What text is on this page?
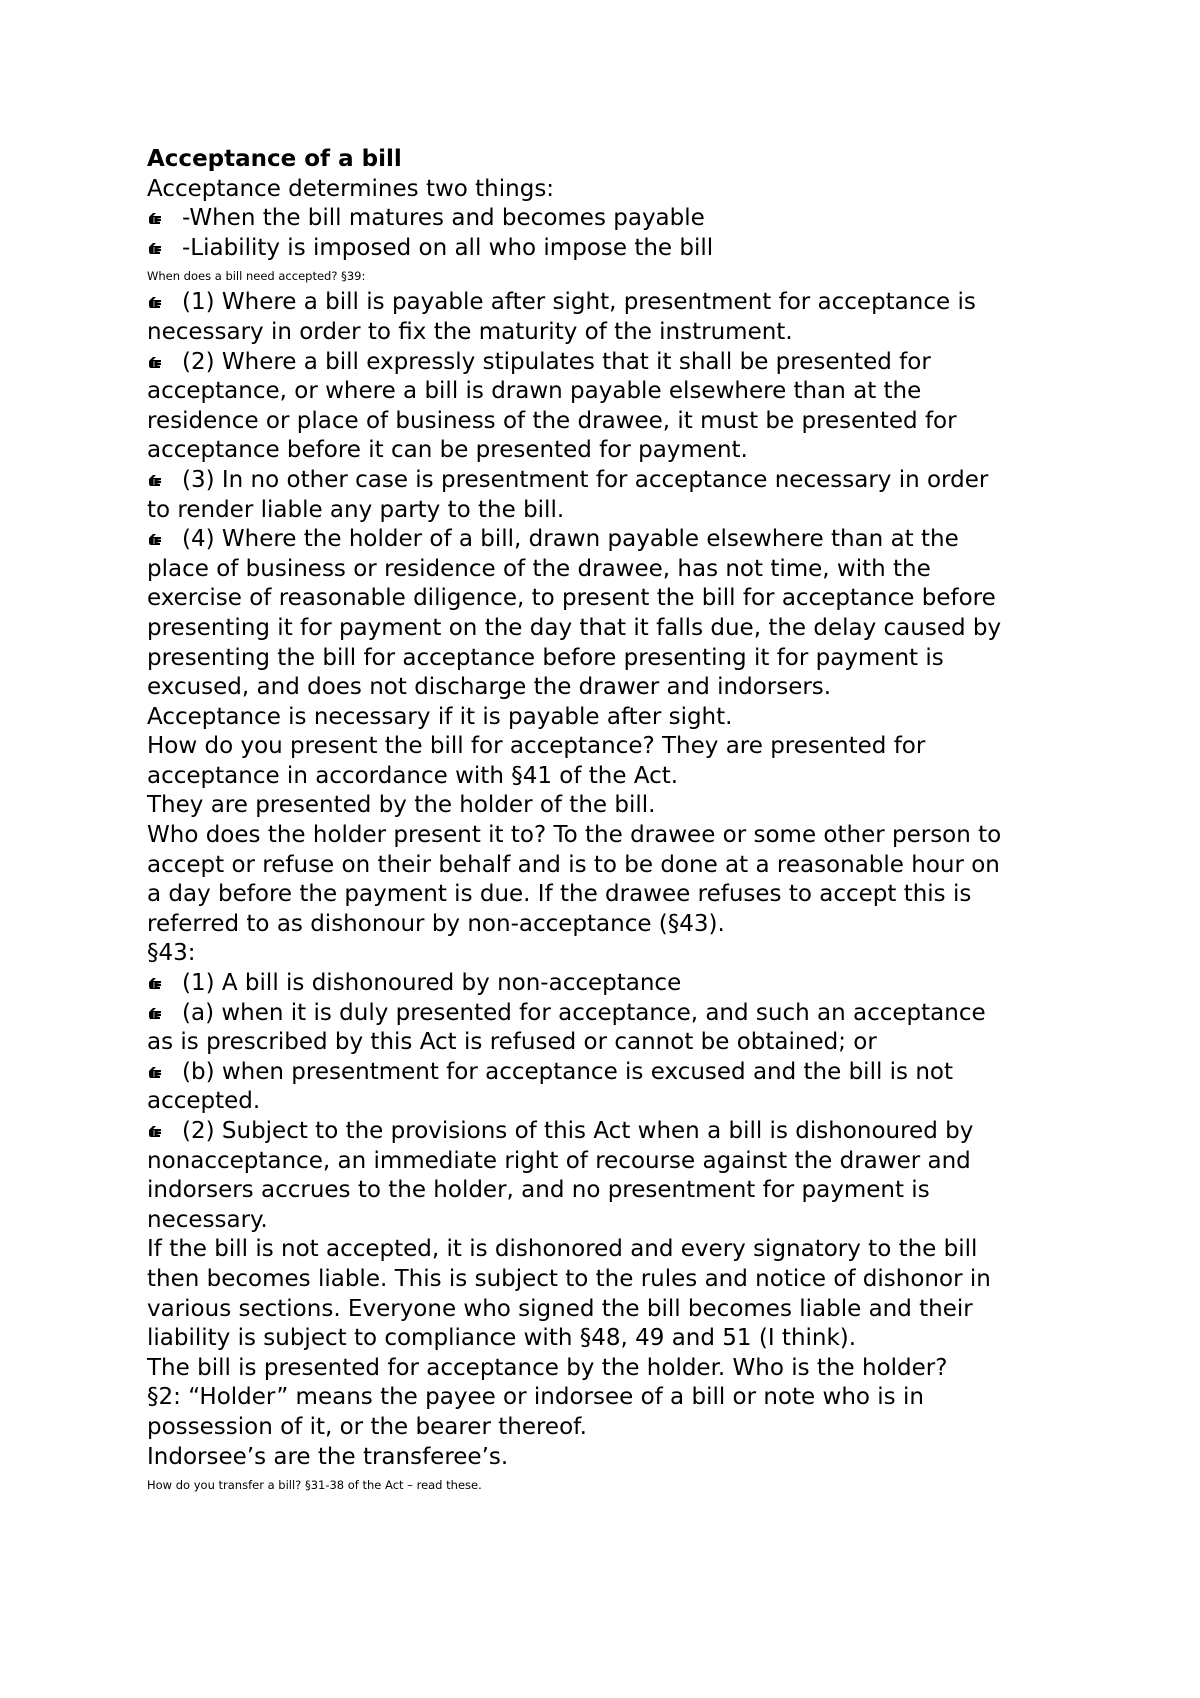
Acceptance of a bill
Acceptance determines two things:
-When the bill matures and becomes payable
-Liability is imposed on all who impose the bill
When does a bill need accepted? §39:
(1) Where a bill is payable after sight, presentment for acceptance is
necessary in order to fix the maturity of the instrument.
(2) Where a bill expressly stipulates that it shall be presented for
acceptance, or where a bill is drawn payable elsewhere than at the
residence or place of business of the drawee, it must be presented for
acceptance before it can be presented for payment.
(3) In no other case is presentment for acceptance necessary in order
to render liable any party to the bill.
(4) Where the holder of a bill, drawn payable elsewhere than at the
place of business or residence of the drawee, has not time, with the
exercise of reasonable diligence, to present the bill for acceptance before
presenting it for payment on the day that it falls due, the delay caused by
presenting the bill for acceptance before presenting it for payment is
excused, and does not discharge the drawer and indorsers.
Acceptance is necessary if it is payable after sight.
How do you present the bill for acceptance? They are presented for
acceptance in accordance with §41 of the Act.
They are presented by the holder of the bill.
Who does the holder present it to? To the drawee or some other person to
accept or refuse on their behalf and is to be done at a reasonable hour on
a day before the payment is due. If the drawee refuses to accept this is
referred to as dishonour by non-acceptance (§43).
§43:
(1) A bill is dishonoured by non-acceptance
(a) when it is duly presented for acceptance, and such an acceptance
as is prescribed by this Act is refused or cannot be obtained; or
(b) when presentment for acceptance is excused and the bill is not
accepted.
(2) Subject to the provisions of this Act when a bill is dishonoured by
nonacceptance, an immediate right of recourse against the drawer and
indorsers accrues to the holder, and no presentment for payment is
necessary.
If the bill is not accepted, it is dishonored and every signatory to the bill
then becomes liable. This is subject to the rules and notice of dishonor in
various sections. Everyone who signed the bill becomes liable and their
liability is subject to compliance with §48, 49 and 51 (I think).
The bill is presented for acceptance by the holder. Who is the holder?
§2: “Holder” means the payee or indorsee of a bill or note who is in
possession of it, or the bearer thereof.
Indorsee’s are the transferee’s.
How do you transfer a bill? §31-38 of the Act – read these.
